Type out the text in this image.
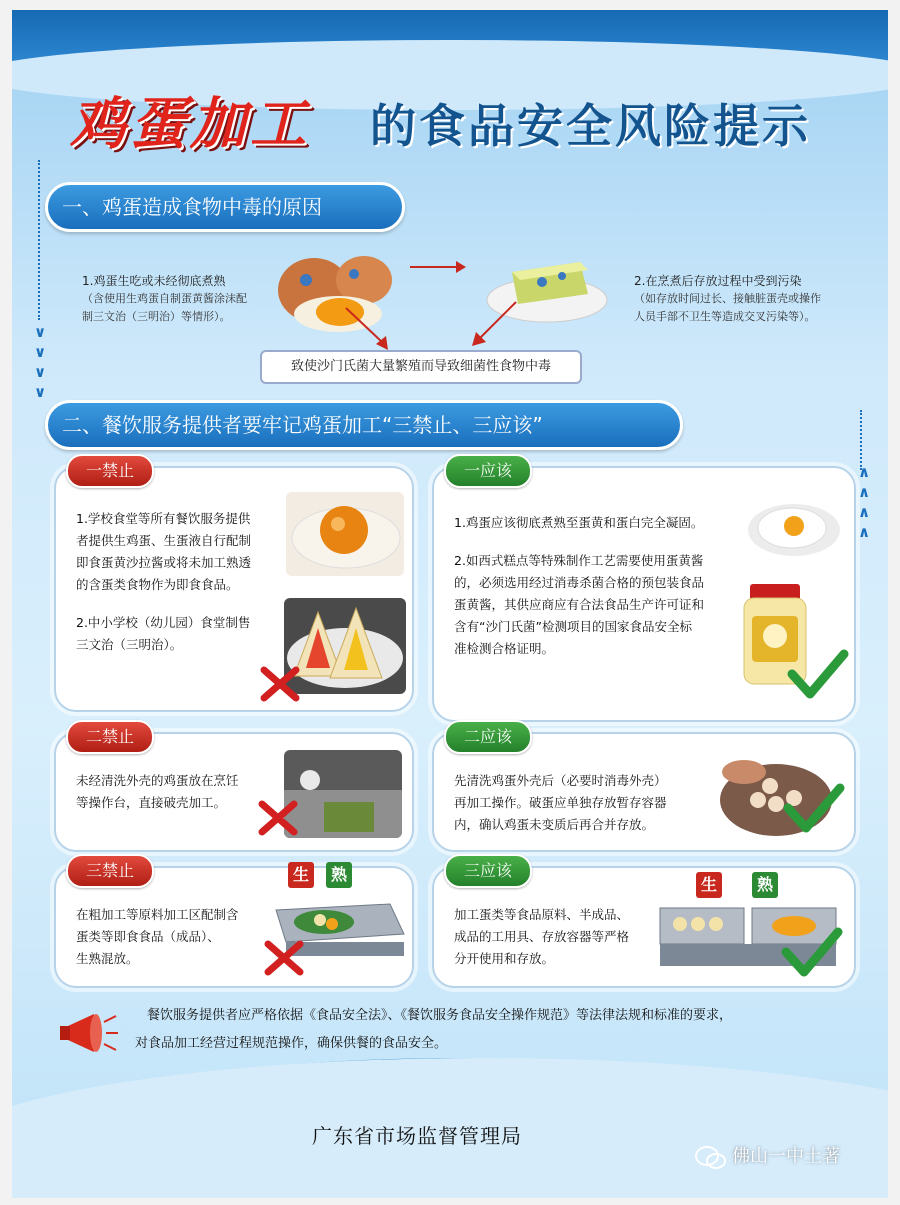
鸡蛋加工 的食品安全风险提示
一、鸡蛋造成食物中毒的原因
∨
∨
∨
∨
1.鸡蛋生吃或未经彻底煮熟
（含使用生鸡蛋自制蛋黄酱涂沫配
制三文治（三明治）等情形）。
2.在烹煮后存放过程中受到污染
（如存放时间过长、接触脏蛋壳或操作
人员手部不卫生等造成交叉污染等）。
致使沙门氏菌大量繁殖而导致细菌性食物中毒
二、餐饮服务提供者要牢记鸡蛋加工“三禁止、三应该”
∧
∧
∧
∧
一禁止

1.学校食堂等所有餐饮服务提供

者提供生鸡蛋、生蛋液自行配制

即食蛋黄沙拉酱或将未加工熟透

的含蛋类食物作为即食食品。

2.中小学校（幼儿园）食堂制售

三文治（三明治）。

一应该

1.鸡蛋应该彻底煮熟至蛋黄和蛋白完全凝固。

2.如西式糕点等特殊制作工艺需要使用蛋黄酱

的，必须选用经过消毒杀菌合格的预包装食品

蛋黄酱，其供应商应有合法食品生产许可证和

含有“沙门氏菌”检测项目的国家食品安全标

准检测合格证明。

二禁止

未经清洗外壳的鸡蛋放在烹饪

等操作台，直接破壳加工。

二应该

先清洗鸡蛋外壳后（必要时消毒外壳）

再加工操作。破蛋应单独存放暂存容器

内，确认鸡蛋未变质后再合并存放。

三禁止

在粗加工等原料加工区配制含

蛋类等即食食品（成品）、

生熟混放。

生	熟	三应该

加工蛋类等食品原料、半成品、

成品的工用具、存放容器等严格

分开使用和存放。

生	熟
餐饮服务提供者应严格依据《食品安全法》、《餐饮服务食品安全操作规范》等法律法规和标准的要求，
对食品加工经营过程规范操作，确保供餐的食品安全。
广东省市场监督管理局
佛山一中土著
